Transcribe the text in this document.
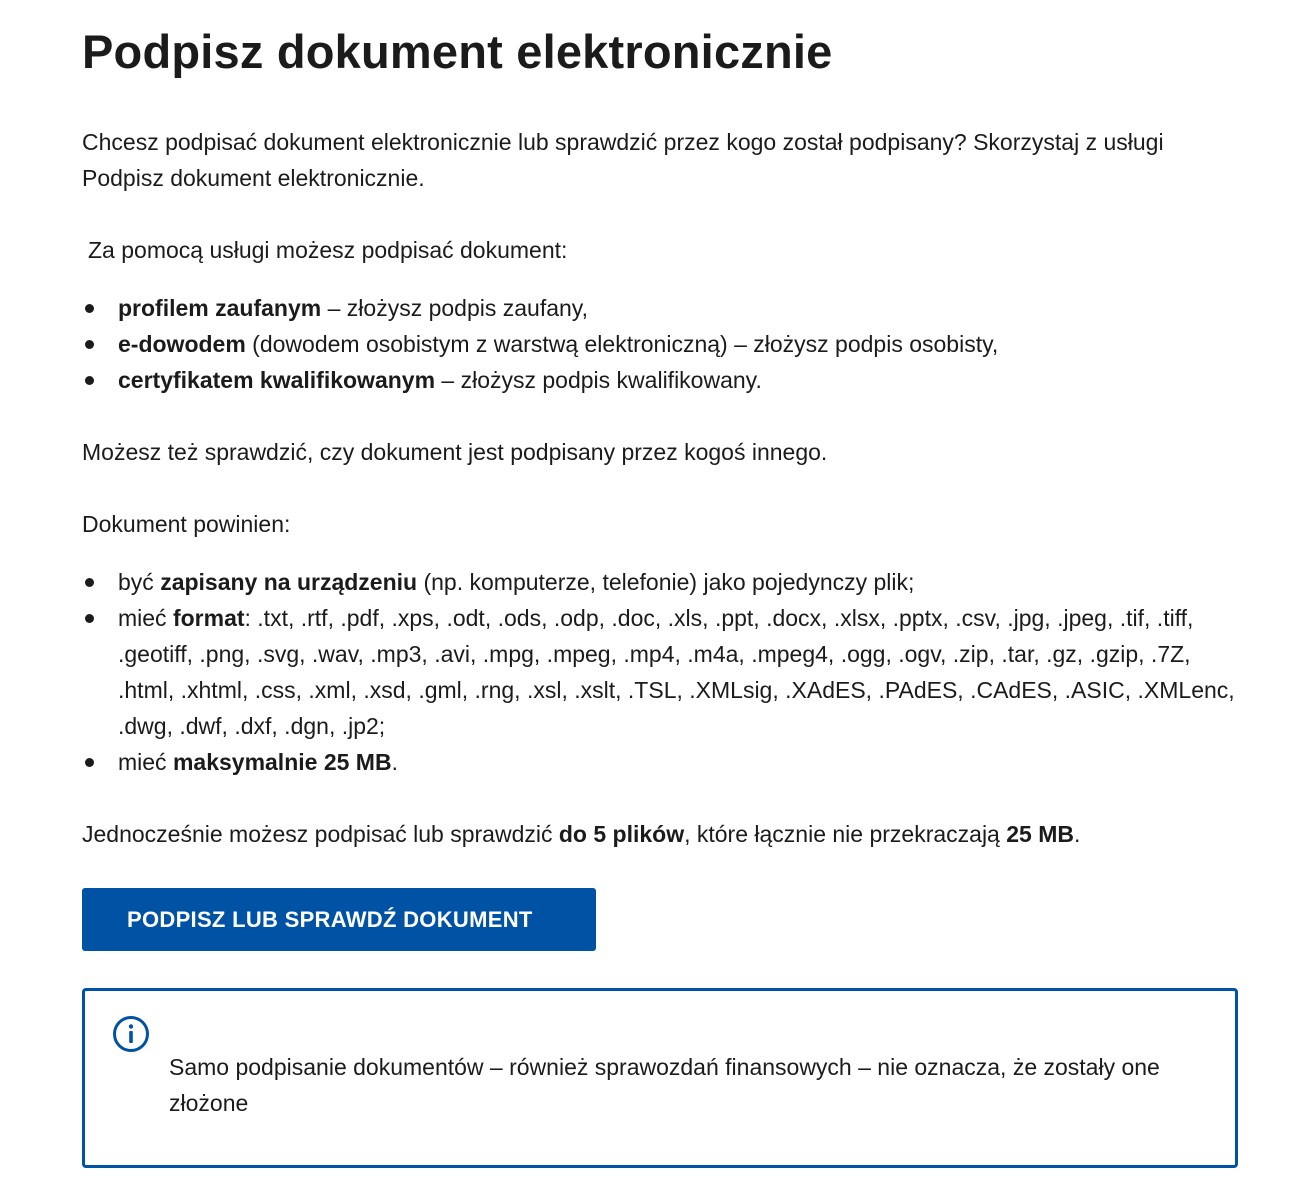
Podpisz dokument elektronicznie

Chcesz podpisać dokument elektronicznie lub sprawdzić przez kogo został podpisany? Skorzystaj z usługi Podpisz dokument elektronicznie.

Za pomocą usługi możesz podpisać dokument:

profilem zaufanym – złożysz podpis zaufany,
e-dowodem (dowodem osobistym z warstwą elektroniczną) – złożysz podpis osobisty,
certyfikatem kwalifikowanym – złożysz podpis kwalifikowany.

Możesz też sprawdzić, czy dokument jest podpisany przez kogoś innego.

Dokument powinien:

być zapisany na urządzeniu (np. komputerze, telefonie) jako pojedynczy plik;
mieć format: .txt, .rtf, .pdf, .xps, .odt, .ods, .odp, .doc, .xls, .ppt, .docx, .xlsx, .pptx, .csv, .jpg, .jpeg, .tif, .tiff, .geotiff, .png, .svg, .wav, .mp3, .avi, .mpg, .mpeg, .mp4, .m4a, .mpeg4, .ogg, .ogv, .zip, .tar, .gz, .gzip, .7Z, .html, .xhtml, .css, .xml, .xsd, .gml, .rng, .xsl, .xslt, .TSL, .XMLsig, .XAdES, .PAdES, .CAdES, .ASIC, .XMLenc, .dwg, .dwf, .dxf, .dgn, .jp2;
mieć maksymalnie 25 MB.

Jednocześnie możesz podpisać lub sprawdzić do 5 plików, które łącznie nie przekraczają 25 MB.

PODPISZ LUB SPRAWDŹ DOKUMENT

Samo podpisanie dokumentów – również sprawozdań finansowych – nie oznacza, że zostały one złożone
